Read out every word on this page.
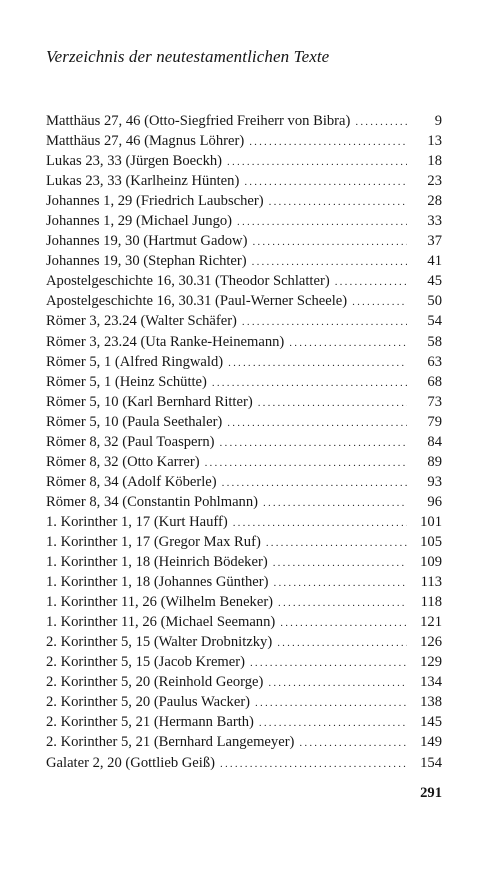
Verzeichnis der neutestamentlichen Texte
Matthäus 27, 46 (Otto-Siegfried Freiherr von Bibra) .....	9
Matthäus 27, 46 (Magnus Löhrer) .....	13
Lukas 23, 33 (Jürgen Boeckh) .....	18
Lukas 23, 33 (Karlheinz Hünten) .....	23
Johannes 1, 29 (Friedrich Laubscher) .....	28
Johannes 1, 29 (Michael Jungo) .....	33
Johannes 19, 30 (Hartmut Gadow) .....	37
Johannes 19, 30 (Stephan Richter) .....	41
Apostelgeschichte 16, 30.31 (Theodor Schlatter) .....	45
Apostelgeschichte 16, 30.31 (Paul-Werner Scheele) .....	50
Römer 3, 23.24 (Walter Schäfer) .....	54
Römer 3, 23.24 (Uta Ranke-Heinemann) .....	58
Römer 5, 1 (Alfred Ringwald) .....	63
Römer 5, 1 (Heinz Schütte) .....	68
Römer 5, 10 (Karl Bernhard Ritter) .....	73
Römer 5, 10 (Paula Seethaler) .....	79
Römer 8, 32 (Paul Toaspern) .....	84
Römer 8, 32 (Otto Karrer) .....	89
Römer 8, 34 (Adolf Köberle) .....	93
Römer 8, 34 (Constantin Pohlmann) .....	96
1. Korinther 1, 17 (Kurt Hauff) .....	101
1. Korinther 1, 17 (Gregor Max Ruf) .....	105
1. Korinther 1, 18 (Heinrich Bödeker) .....	109
1. Korinther 1, 18 (Johannes Günther) .....	113
1. Korinther 11, 26 (Wilhelm Beneker) .....	118
1. Korinther 11, 26 (Michael Seemann) .....	121
2. Korinther 5, 15 (Walter Drobnitzky) .....	126
2. Korinther 5, 15 (Jacob Kremer) .....	129
2. Korinther 5, 20 (Reinhold George) .....	134
2. Korinther 5, 20 (Paulus Wacker) .....	138
2. Korinther 5, 21 (Hermann Barth) .....	145
2. Korinther 5, 21 (Bernhard Langemeyer) .....	149
Galater 2, 20 (Gottlieb Geiß) .....	154
291
